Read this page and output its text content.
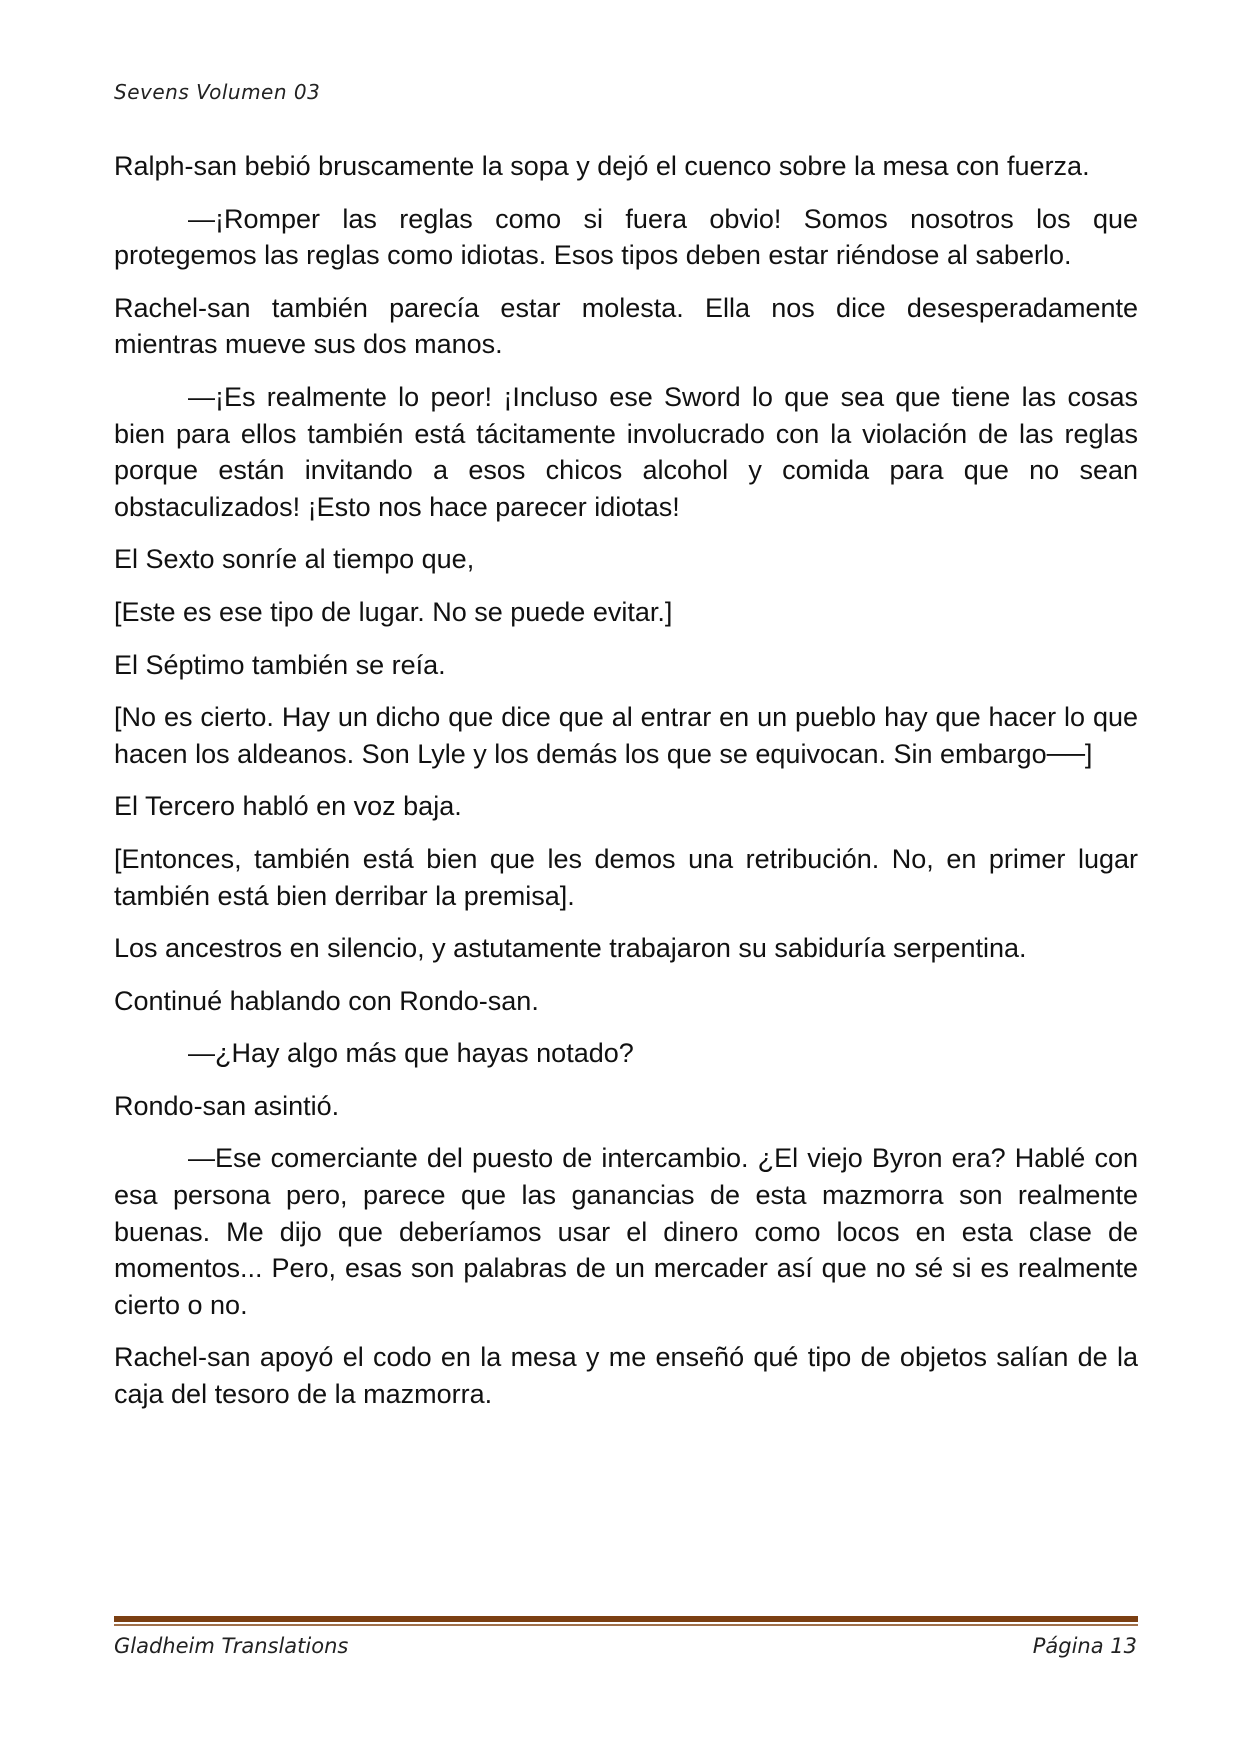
Sevens Volumen 03

Ralph-san bebió bruscamente la sopa y dejó el cuenco sobre la mesa con fuerza.

—¡Romper las reglas como si fuera obvio! Somos nosotros los que protegemos las reglas como idiotas. Esos tipos deben estar riéndose al saberlo.

Rachel-san también parecía estar molesta. Ella nos dice desesperadamente mientras mueve sus dos manos.

—¡Es realmente lo peor! ¡Incluso ese Sword lo que sea que tiene las cosas bien para ellos también está tácitamente involucrado con la violación de las reglas porque están invitando a esos chicos alcohol y comida para que no sean obstaculizados! ¡Esto nos hace parecer idiotas!

El Sexto sonríe al tiempo que,

[Este es ese tipo de lugar. No se puede evitar.]

El Séptimo también se reía.

[No es cierto. Hay un dicho que dice que al entrar en un pueblo hay que hacer lo que hacen los aldeanos. Son Lyle y los demás los que se equivocan. Sin embargo──]

El Tercero habló en voz baja.

[Entonces, también está bien que les demos una retribución. No, en primer lugar también está bien derribar la premisa].

Los ancestros en silencio, y astutamente trabajaron su sabiduría serpentina.

Continué hablando con Rondo-san.

—¿Hay algo más que hayas notado?

Rondo-san asintió.

—Ese comerciante del puesto de intercambio. ¿El viejo Byron era? Hablé con esa persona pero, parece que las ganancias de esta mazmorra son realmente buenas. Me dijo que deberíamos usar el dinero como locos en esta clase de momentos... Pero, esas son palabras de un mercader así que no sé si es realmente cierto o no.

Rachel-san apoyó el codo en la mesa y me enseñó qué tipo de objetos salían de la caja del tesoro de la mazmorra.

Gladheim Translations	Página 13
